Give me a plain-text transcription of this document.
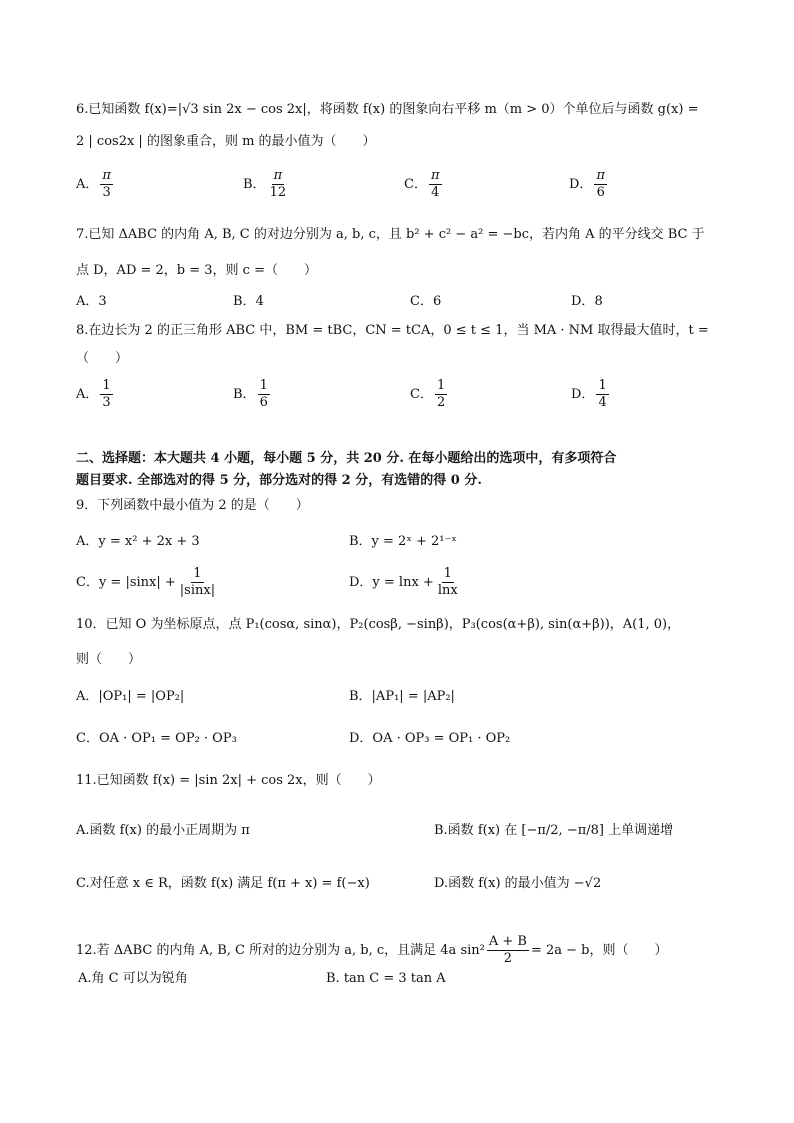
6.已知函数 f(x)=|√3 sin 2x − cos 2x|，将函数 f(x) 的图象向右平移 m（m > 0）个单位后与函数 g(x) =
2 | cos2x | 的图象重合，则 m 的最小值为（　　）
A． $\frac{\pi}{3}$	B． $\frac{\pi}{12}$	C． $\frac{\pi}{4}$	D． $\frac{\pi}{6}$
7.已知 ΔABC 的内角 A, B, C 的对边分别为 a, b, c，且 b² + c² − a² = −bc，若内角 A 的平分线交 BC 于
点 D，AD = 2，b = 3，则 c =（　　）
A．3	B．4	C．6	D．8
8.在边长为 2 的正三角形 ABC 中，BM = tBC，CN = tCA，0 ≤ t ≤ 1，当 MA · NM 取得最大值时，t =
（　　）
A． $\frac{1}{3}$	B． $\frac{1}{6}$	C． $\frac{1}{2}$	D． $\frac{1}{4}$
二、选择题：本大题共 4 小题，每小题 5 分，共 20 分. 在每小题给出的选项中，有多项符合
题目要求. 全部选对的得 5 分，部分选对的得 2 分，有选错的得 0 分.
9．下列函数中最小值为 2 的是（　　）
A．y = x² + 2x + 3	B．y = 2ˣ + 2¹⁻ˣ
C．$y = |\sin x| + \frac{1}{|\sin x|}$	D．$y = \ln x + \frac{1}{\ln x}$
10．已知 O 为坐标原点，点 P₁(cosα, sinα)，P₂(cosβ, −sinβ)，P₃(cos(α+β), sin(α+β))，A(1, 0)，
则（　　）
A．|OP₁| = |OP₂|	B．|AP₁| = |AP₂|
C．OA · OP₁ = OP₂ · OP₃	D．OA · OP₃ = OP₁ · OP₂
11.已知函数 f(x) = |sin 2x| + cos 2x，则（　　）
A.函数 f(x) 的最小正周期为 π	B.函数 f(x) 在 [−π/2, −π/8] 上单调递增
C.对任意 x ∈ R，函数 f(x) 满足 f(π + x) = f(−x)	D.函数 f(x) 的最小值为 −√2
12.若 ΔABC 的内角 A, B, C 所对的边分别为 a, b, c，且满足 4a $\sin^2 \frac{A + B}{2} = 2a - b$，则（　　）
A.角 C 可以为锐角	B. tan C = 3 tan A
